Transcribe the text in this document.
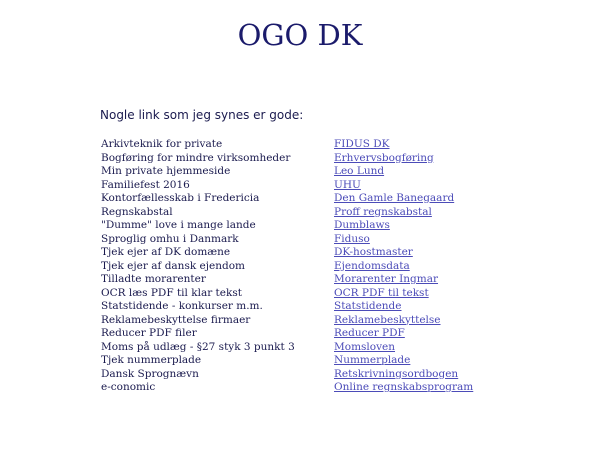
OGO DK
Nogle link som jeg synes er gode:
Arkivteknik for private	FIDUS DK
Bogføring for mindre virksomheder	Erhvervsbogføring
Min private hjemmeside	Leo Lund
Familiefest 2016	UHU
Kontorfællesskab i Fredericia	Den Gamle Banegaard
Regnskabstal	Proff regnskabstal
"Dumme" love i mange lande	Dumblaws
Sproglig omhu i Danmark	Fiduso
Tjek ejer af DK domæne	DK-hostmaster
Tjek ejer af dansk ejendom	Ejendomsdata
Tilladte morarenter	Morarenter Ingmar
OCR læs PDF til klar tekst	OCR PDF til tekst
Statstidende - konkurser m.m.	Statstidende
Reklamebeskyttelse firmaer	Reklamebeskyttelse
Reducer PDF filer	Reducer PDF
Moms på udlæg - §27 styk 3 punkt 3	Momsloven
Tjek nummerplade	Nummerplade
Dansk Sprognævn	Retskrivningsordbogen
e-conomic	Online regnskabsprogram
